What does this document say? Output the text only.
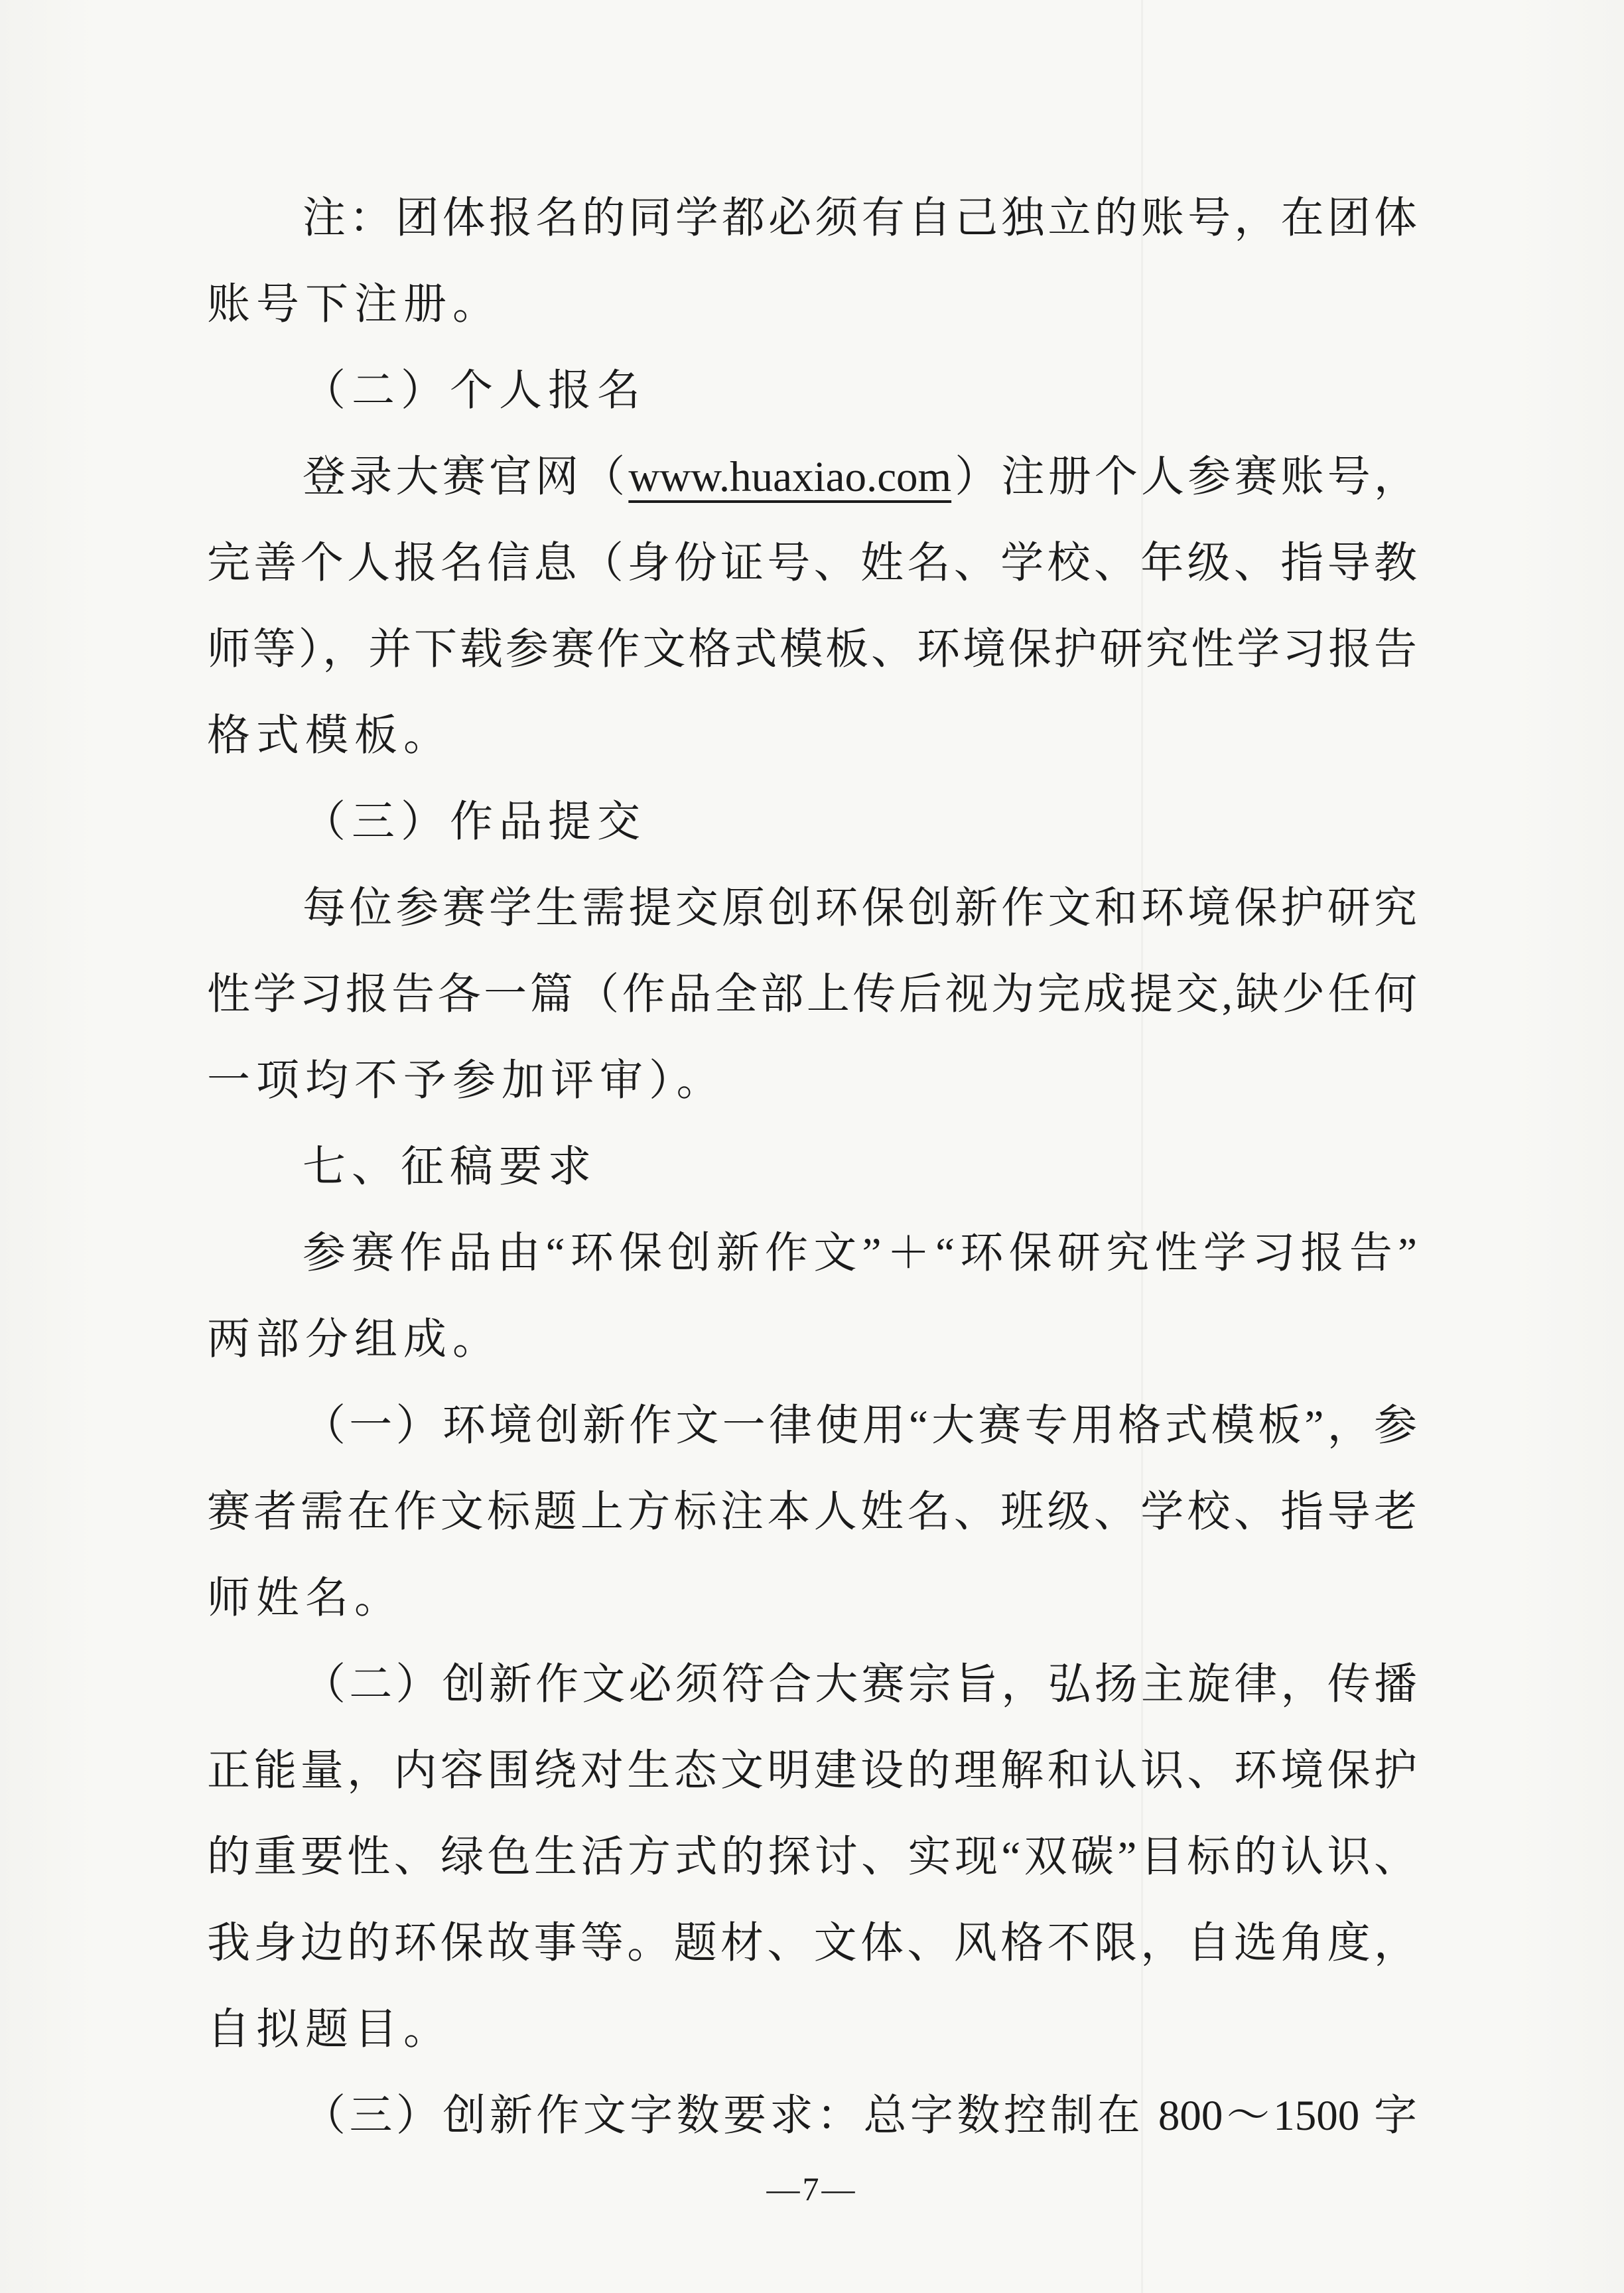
注：团体报名的同学都必须有自己独立的账号，在团体
账号下注册。
（二）个人报名
登录大赛官网（www.huaxiao.com）注册个人参赛账号，
完善个人报名信息（身份证号、姓名、学校、年级、指导教
师等），并下载参赛作文格式模板、环境保护研究性学习报告
格式模板。
（三）作品提交
每位参赛学生需提交原创环保创新作文和环境保护研究
性学习报告各一篇（作品全部上传后视为完成提交,缺少任何
一项均不予参加评审）。
七、征稿要求
参赛作品由“环保创新作文”＋“环保研究性学习报告”
两部分组成。
（一）环境创新作文一律使用“大赛专用格式模板”，参
赛者需在作文标题上方标注本人姓名、班级、学校、指导老
师姓名。
（二）创新作文必须符合大赛宗旨，弘扬主旋律，传播
正能量，内容围绕对生态文明建设的理解和认识、环境保护
的重要性、绿色生活方式的探讨、实现“双碳”目标的认识、
我身边的环保故事等。题材、文体、风格不限，自选角度，
自拟题目。
（三）创新作文字数要求：总字数控制在 800～1500 字
—7—
